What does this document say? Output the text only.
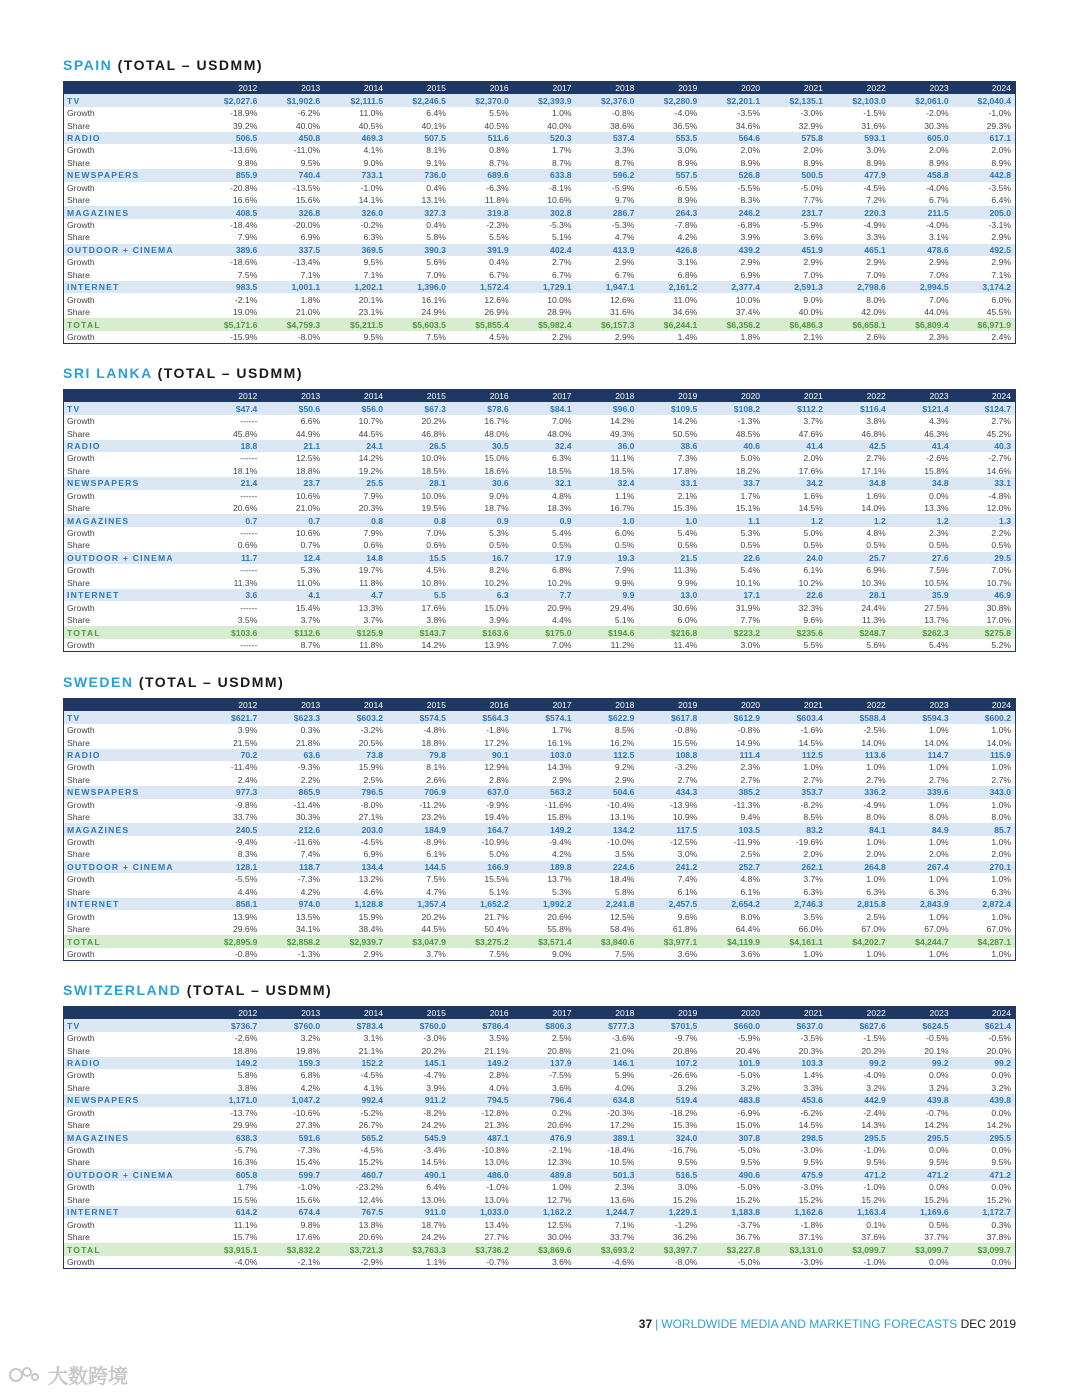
SPAIN (TOTAL – USDMM)
	2012	2013	2014	2015	2016	2017	2018	2019	2020	2021	2022	2023	2024
TV	$2,027.6	$1,902.6	$2,111.5	$2,246.5	$2,370.0	$2,393.9	$2,376.0	$2,280.9	$2,201.1	$2,135.1	$2,103.0	$2,061.0	$2,040.4
Growth	-18.9%	-6.2%	11.0%	6.4%	5.5%	1.0%	-0.8%	-4.0%	-3.5%	-3.0%	-1.5%	-2.0%	-1.0%
Share	39.2%	40.0%	40.5%	40.1%	40.5%	40.0%	38.6%	36.5%	34.6%	32.9%	31.6%	30.3%	29.3%
RADIO	506.5	450.8	469.3	507.5	511.6	520.3	537.4	553.5	564.6	575.8	593.1	605.0	617.1
Growth	-13.6%	-11.0%	4.1%	8.1%	0.8%	1.7%	3.3%	3.0%	2.0%	2.0%	3.0%	2.0%	2.0%
Share	9.8%	9.5%	9.0%	9.1%	8.7%	8.7%	8.7%	8.9%	8.9%	8.9%	8.9%	8.9%	8.9%
NEWSPAPERS	855.9	740.4	733.1	736.0	689.6	633.8	596.2	557.5	526.8	500.5	477.9	458.8	442.8
Growth	-20.8%	-13.5%	-1.0%	0.4%	-6.3%	-8.1%	-5.9%	-6.5%	-5.5%	-5.0%	-4.5%	-4.0%	-3.5%
Share	16.6%	15.6%	14.1%	13.1%	11.8%	10.6%	9.7%	8.9%	8.3%	7.7%	7.2%	6.7%	6.4%
MAGAZINES	408.5	326.8	326.0	327.3	319.8	302.8	286.7	264.3	246.2	231.7	220.3	211.5	205.0
Growth	-18.4%	-20.0%	-0.2%	0.4%	-2.3%	-5.3%	-5.3%	-7.8%	-6.8%	-5.9%	-4.9%	-4.0%	-3.1%
Share	7.9%	6.9%	6.3%	5.8%	5.5%	5.1%	4.7%	4.2%	3.9%	3.6%	3.3%	3.1%	2.9%
OUTDOOR + CINEMA	389.6	337.5	369.5	390.3	391.9	402.4	413.9	426.8	439.2	451.9	465.1	478.6	492.5
Growth	-18.6%	-13.4%	9.5%	5.6%	0.4%	2.7%	2.9%	3.1%	2.9%	2.9%	2.9%	2.9%	2.9%
Share	7.5%	7.1%	7.1%	7.0%	6.7%	6.7%	6.7%	6.8%	6.9%	7.0%	7.0%	7.0%	7.1%
INTERNET	983.5	1,001.1	1,202.1	1,396.0	1,572.4	1,729.1	1,947.1	2,161.2	2,377.4	2,591.3	2,798.6	2,994.5	3,174.2
Growth	-2.1%	1.8%	20.1%	16.1%	12.6%	10.0%	12.6%	11.0%	10.0%	9.0%	8.0%	7.0%	6.0%
Share	19.0%	21.0%	23.1%	24.9%	26.9%	28.9%	31.6%	34.6%	37.4%	40.0%	42.0%	44.0%	45.5%
TOTAL	$5,171.6	$4,759.3	$5,211.5	$5,603.5	$5,855.4	$5,982.4	$6,157.3	$6,244.1	$6,356.2	$6,486.3	$6,658.1	$6,809.4	$6,971.9
Growth	-15.9%	-8.0%	9.5%	7.5%	4.5%	2.2%	2.9%	1.4%	1.8%	2.1%	2.6%	2.3%	2.4%
SRI LANKA (TOTAL – USDMM)
	2012	2013	2014	2015	2016	2017	2018	2019	2020	2021	2022	2023	2024
TV	$47.4	$50.6	$56.0	$67.3	$78.6	$84.1	$96.0	$109.5	$108.2	$112.2	$116.4	$121.4	$124.7
Growth	------	6.6%	10.7%	20.2%	16.7%	7.0%	14.2%	14.2%	-1.3%	3.7%	3.8%	4.3%	2.7%
Share	45.8%	44.9%	44.5%	46.8%	48.0%	48.0%	49.3%	50.5%	48.5%	47.6%	46.8%	46.3%	45.2%
RADIO	18.8	21.1	24.1	26.5	30.5	32.4	36.0	38.6	40.6	41.4	42.5	41.4	40.3
Growth	------	12.5%	14.2%	10.0%	15.0%	6.3%	11.1%	7.3%	5.0%	2.0%	2.7%	-2.6%	-2.7%
Share	18.1%	18.8%	19.2%	18.5%	18.6%	18.5%	18.5%	17.8%	18.2%	17.6%	17.1%	15.8%	14.6%
NEWSPAPERS	21.4	23.7	25.5	28.1	30.6	32.1	32.4	33.1	33.7	34.2	34.8	34.8	33.1
Growth	------	10.6%	7.9%	10.0%	9.0%	4.8%	1.1%	2.1%	1.7%	1.6%	1.6%	0.0%	-4.8%
Share	20.6%	21.0%	20.3%	19.5%	18.7%	18.3%	16.7%	15.3%	15.1%	14.5%	14.0%	13.3%	12.0%
MAGAZINES	0.7	0.7	0.8	0.8	0.9	0.9	1.0	1.0	1.1	1.2	1.2	1.2	1.3
Growth	------	10.6%	7.9%	7.0%	5.3%	5.4%	6.0%	5.4%	5.3%	5.0%	4.8%	2.3%	2.2%
Share	0.6%	0.7%	0.6%	0.6%	0.5%	0.5%	0.5%	0.5%	0.5%	0.5%	0.5%	0.5%	0.5%
OUTDOOR + CINEMA	11.7	12.4	14.8	15.5	16.7	17.9	19.3	21.5	22.6	24.0	25.7	27.6	29.5
Growth	------	5.3%	19.7%	4.5%	8.2%	6.8%	7.9%	11.3%	5.4%	6.1%	6.9%	7.5%	7.0%
Share	11.3%	11.0%	11.8%	10.8%	10.2%	10.2%	9.9%	9.9%	10.1%	10.2%	10.3%	10.5%	10.7%
INTERNET	3.6	4.1	4.7	5.5	6.3	7.7	9.9	13.0	17.1	22.6	28.1	35.9	46.9
Growth	------	15.4%	13.3%	17.6%	15.0%	20.9%	29.4%	30.6%	31.9%	32.3%	24.4%	27.5%	30.8%
Share	3.5%	3.7%	3.7%	3.8%	3.9%	4.4%	5.1%	6.0%	7.7%	9.6%	11.3%	13.7%	17.0%
TOTAL	$103.6	$112.6	$125.9	$143.7	$163.6	$175.0	$194.6	$216.8	$223.2	$235.6	$248.7	$262.3	$275.8
Growth	------	8.7%	11.8%	14.2%	13.9%	7.0%	11.2%	11.4%	3.0%	5.5%	5.6%	5.4%	5.2%
SWEDEN (TOTAL – USDMM)
	2012	2013	2014	2015	2016	2017	2018	2019	2020	2021	2022	2023	2024
TV	$621.7	$623.3	$603.2	$574.5	$564.3	$574.1	$622.9	$617.8	$612.9	$603.4	$588.4	$594.3	$600.2
Growth	3.9%	0.3%	-3.2%	-4.8%	-1.8%	1.7%	8.5%	-0.8%	-0.8%	-1.6%	-2.5%	1.0%	1.0%
Share	21.5%	21.8%	20.5%	18.8%	17.2%	16.1%	16.2%	15.5%	14.9%	14.5%	14.0%	14.0%	14.0%
RADIO	70.2	63.6	73.8	79.8	90.1	103.0	112.5	108.8	111.4	112.5	113.6	114.7	115.9
Growth	-11.4%	-9.3%	15.9%	8.1%	12.9%	14.3%	9.2%	-3.2%	2.3%	1.0%	1.0%	1.0%	1.0%
Share	2.4%	2.2%	2.5%	2.6%	2.8%	2.9%	2.9%	2.7%	2.7%	2.7%	2.7%	2.7%	2.7%
NEWSPAPERS	977.3	865.9	796.5	706.9	637.0	563.2	504.6	434.3	385.2	353.7	336.2	339.6	343.0
Growth	-9.8%	-11.4%	-8.0%	-11.2%	-9.9%	-11.6%	-10.4%	-13.9%	-11.3%	-8.2%	-4.9%	1.0%	1.0%
Share	33.7%	30.3%	27.1%	23.2%	19.4%	15.8%	13.1%	10.9%	9.4%	8.5%	8.0%	8.0%	8.0%
MAGAZINES	240.5	212.6	203.0	184.9	164.7	149.2	134.2	117.5	103.5	83.2	84.1	84.9	85.7
Growth	-9.4%	-11.6%	-4.5%	-8.9%	-10.9%	-9.4%	-10.0%	-12.5%	-11.9%	-19.6%	1.0%	1.0%	1.0%
Share	8.3%	7.4%	6.9%	6.1%	5.0%	4.2%	3.5%	3.0%	2.5%	2.0%	2.0%	2.0%	2.0%
OUTDOOR + CINEMA	128.1	118.7	134.4	144.5	166.9	189.8	224.6	241.2	252.7	262.1	264.8	267.4	270.1
Growth	-5.5%	-7.3%	13.2%	7.5%	15.5%	13.7%	18.4%	7.4%	4.8%	3.7%	1.0%	1.0%	1.0%
Share	4.4%	4.2%	4.6%	4.7%	5.1%	5.3%	5.8%	6.1%	6.1%	6.3%	6.3%	6.3%	6.3%
INTERNET	858.1	974.0	1,128.8	1,357.4	1,652.2	1,992.2	2,241.8	2,457.5	2,654.2	2,746.3	2,815.8	2,843.9	2,872.4
Growth	13.9%	13.5%	15.9%	20.2%	21.7%	20.6%	12.5%	9.6%	8.0%	3.5%	2.5%	1.0%	1.0%
Share	29.6%	34.1%	38.4%	44.5%	50.4%	55.8%	58.4%	61.8%	64.4%	66.0%	67.0%	67.0%	67.0%
TOTAL	$2,895.9	$2,858.2	$2,939.7	$3,047.9	$3,275.2	$3,571.4	$3,840.6	$3,977.1	$4,119.9	$4,161.1	$4,202.7	$4,244.7	$4,287.1
Growth	-0.8%	-1.3%	2.9%	3.7%	7.5%	9.0%	7.5%	3.6%	3.6%	1.0%	1.0%	1.0%	1.0%
SWITZERLAND (TOTAL – USDMM)
	2012	2013	2014	2015	2016	2017	2018	2019	2020	2021	2022	2023	2024
TV	$736.7	$760.0	$783.4	$760.0	$786.4	$806.3	$777.3	$701.5	$660.0	$637.0	$627.6	$624.5	$621.4
Growth	-2.6%	3.2%	3.1%	-3.0%	3.5%	2.5%	-3.6%	-9.7%	-5.9%	-3.5%	-1.5%	-0.5%	-0.5%
Share	18.8%	19.8%	21.1%	20.2%	21.1%	20.8%	21.0%	20.8%	20.4%	20.3%	20.2%	20.1%	20.0%
RADIO	149.2	159.3	152.2	145.1	149.2	137.9	146.1	107.2	101.9	103.3	99.2	99.2	99.2
Growth	5.8%	6.8%	-4.5%	-4.7%	2.8%	-7.5%	5.9%	-26.6%	-5.0%	1.4%	-4.0%	0.0%	0.0%
Share	3.8%	4.2%	4.1%	3.9%	4.0%	3.6%	4.0%	3.2%	3.2%	3.3%	3.2%	3.2%	3.2%
NEWSPAPERS	1,171.0	1,047.2	992.4	911.2	794.5	796.4	634.8	519.4	483.8	453.6	442.9	439.8	439.8
Growth	-13.7%	-10.6%	-5.2%	-8.2%	-12.8%	0.2%	-20.3%	-18.2%	-6.9%	-6.2%	-2.4%	-0.7%	0.0%
Share	29.9%	27.3%	26.7%	24.2%	21.3%	20.6%	17.2%	15.3%	15.0%	14.5%	14.3%	14.2%	14.2%
MAGAZINES	638.3	591.6	565.2	545.9	487.1	476.9	389.1	324.0	307.8	298.5	295.5	295.5	295.5
Growth	-5.7%	-7.3%	-4.5%	-3.4%	-10.8%	-2.1%	-18.4%	-16.7%	-5.0%	-3.0%	-1.0%	0.0%	0.0%
Share	16.3%	15.4%	15.2%	14.5%	13.0%	12.3%	10.5%	9.5%	9.5%	9.5%	9.5%	9.5%	9.5%
OUTDOOR + CINEMA	605.8	599.7	460.7	490.1	486.0	489.8	501.3	516.5	490.6	475.9	471.2	471.2	471.2
Growth	1.7%	-1.0%	-23.2%	6.4%	-1.0%	1.0%	2.3%	3.0%	-5.0%	-3.0%	-1.0%	0.0%	0.0%
Share	15.5%	15.6%	12.4%	13.0%	13.0%	12.7%	13.6%	15.2%	15.2%	15.2%	15.2%	15.2%	15.2%
INTERNET	614.2	674.4	767.5	911.0	1,033.0	1,162.2	1,244.7	1,229.1	1,183.8	1,162.6	1,163.4	1,169.6	1,172.7
Growth	11.1%	9.8%	13.8%	18.7%	13.4%	12.5%	7.1%	-1.2%	-3.7%	-1.8%	0.1%	0.5%	0.3%
Share	15.7%	17.6%	20.6%	24.2%	27.7%	30.0%	33.7%	36.2%	36.7%	37.1%	37.6%	37.7%	37.8%
TOTAL	$3,915.1	$3,832.2	$3,721.3	$3,763.3	$3,736.2	$3,869.6	$3,693.2	$3,397.7	$3,227.8	$3,131.0	$3,099.7	$3,099.7	$3,099.7
Growth	-4.0%	-2.1%	-2.9%	1.1%	-0.7%	3.6%	-4.6%	-8.0%	-5.0%	-3.0%	-1.0%	0.0%	0.0%
37 | WORLDWIDE MEDIA AND MARKETING FORECASTS DEC 2019
大数跨境
